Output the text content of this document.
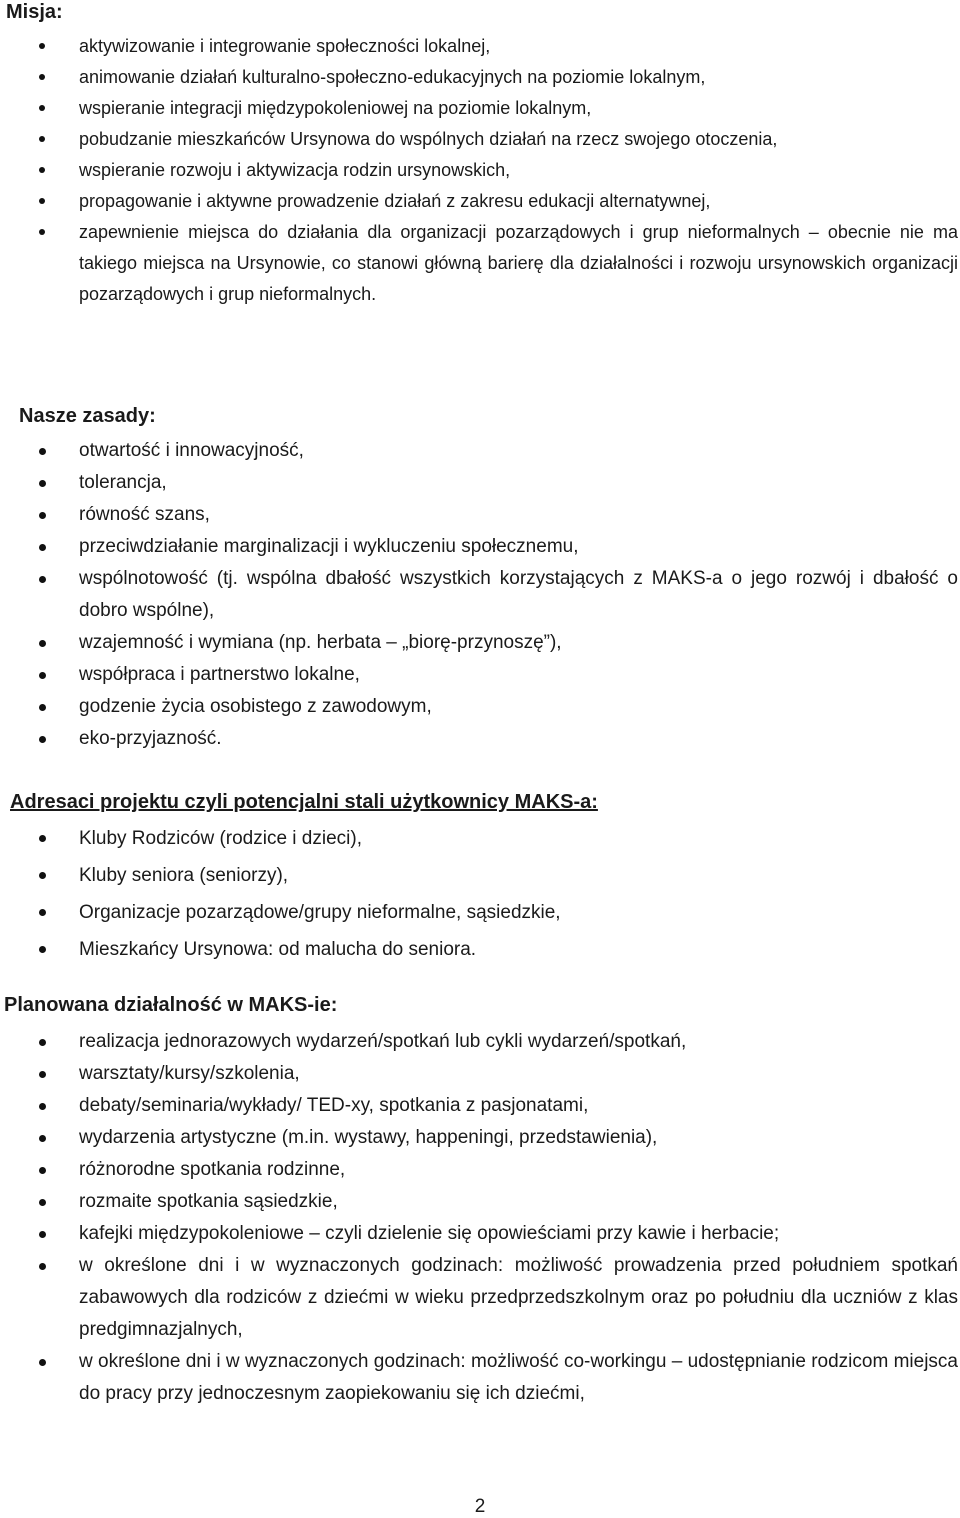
Misja:
aktywizowanie i integrowanie społeczności lokalnej,
animowanie działań kulturalno-społeczno-edukacyjnych na poziomie lokalnym,
wspieranie integracji międzypokoleniowej na poziomie lokalnym,
pobudzanie mieszkańców Ursynowa do wspólnych działań na rzecz swojego otoczenia,
wspieranie rozwoju i aktywizacja rodzin ursynowskich,
propagowanie i aktywne prowadzenie działań z zakresu edukacji alternatywnej,
zapewnienie miejsca do działania dla organizacji pozarządowych i grup nieformalnych – obecnie nie ma takiego miejsca na Ursynowie, co stanowi główną barierę dla działalności i rozwoju ursynowskich organizacji pozarządowych i grup nieformalnych.
Nasze zasady:
otwartość i innowacyjność,
tolerancja,
równość szans,
przeciwdziałanie marginalizacji i wykluczeniu społecznemu,
wspólnotowość (tj. wspólna dbałość wszystkich korzystających z MAKS-a o jego rozwój i dbałość o dobro wspólne),
wzajemność i wymiana (np. herbata – „biorę-przynoszę”),
współpraca i partnerstwo lokalne,
godzenie życia osobistego z zawodowym,
eko-przyjazność.
Adresaci projektu czyli potencjalni stali użytkownicy MAKS-a:
Kluby Rodziców (rodzice i dzieci),
Kluby seniora (seniorzy),
Organizacje pozarządowe/grupy nieformalne, sąsiedzkie,
Mieszkańcy Ursynowa: od malucha do seniora.
Planowana działalność w MAKS-ie:
realizacja jednorazowych wydarzeń/spotkań lub cykli wydarzeń/spotkań,
warsztaty/kursy/szkolenia,
debaty/seminaria/wykłady/ TED-xy, spotkania z pasjonatami,
wydarzenia artystyczne (m.in. wystawy, happeningi, przedstawienia),
różnorodne spotkania rodzinne,
rozmaite spotkania sąsiedzkie,
kafejki międzypokoleniowe – czyli dzielenie się opowieściami przy kawie i herbacie;
w określone dni i w wyznaczonych godzinach: możliwość prowadzenia przed południem spotkań zabawowych dla rodziców z dziećmi w wieku przedprzedszkolnym oraz po południu dla uczniów z klas predgimnazjalnych,
w określone dni i w wyznaczonych godzinach: możliwość co-workingu – udostępnianie rodzicom miejsca do pracy przy jednoczesnym zaopiekowaniu się ich dziećmi,
2
